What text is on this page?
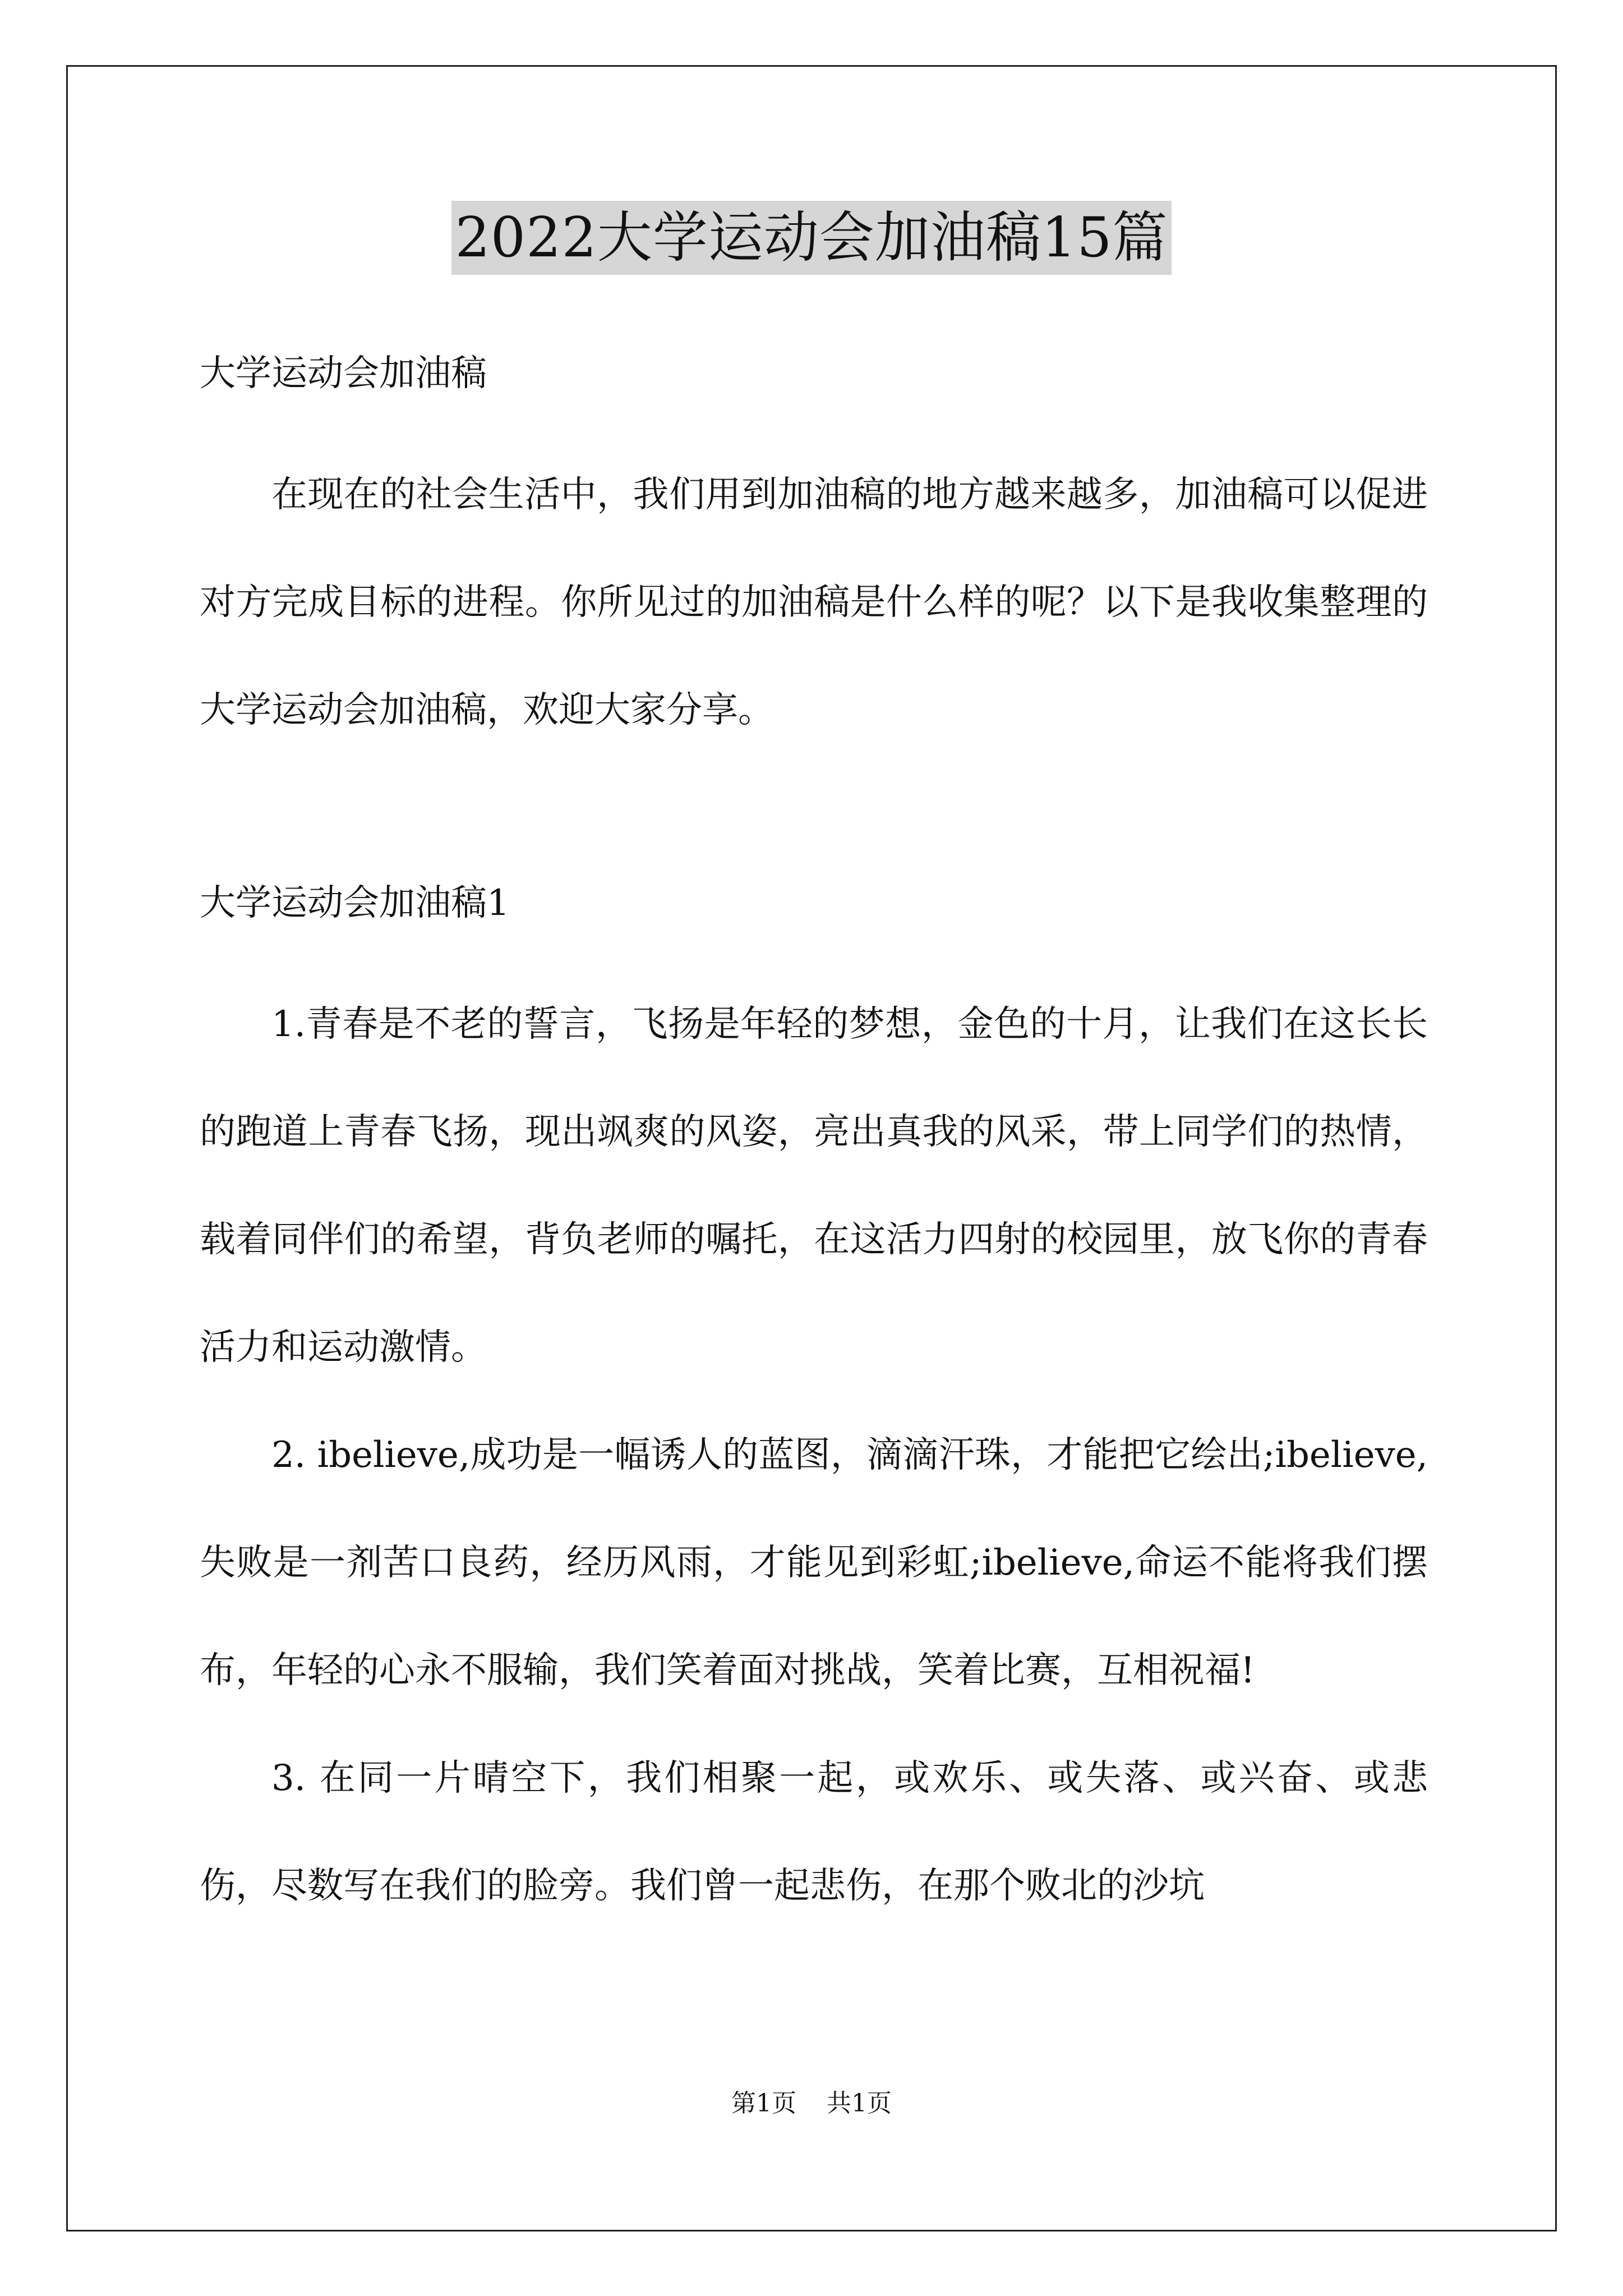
2022大学运动会加油稿15篇

大学运动会加油稿

在现在的社会生活中，我们用到加油稿的地方越来越多，加油稿可以促进对方完成目标的进程。你所见过的加油稿是什么样的呢？以下是我收集整理的大学运动会加油稿，欢迎大家分享。

大学运动会加油稿1

1.青春是不老的誓言，飞扬是年轻的梦想，金色的十月，让我们在这长长的跑道上青春飞扬，现出飒爽的风姿，亮出真我的风采，带上同学们的热情，载着同伴们的希望，背负老师的嘱托，在这活力四射的校园里，放飞你的青春活力和运动激情。

2. ibelieve,成功是一幅诱人的蓝图，滴滴汗珠，才能把它绘出;ibelieve,失败是一剂苦口良药，经历风雨，才能见到彩虹;ibelieve,命运不能将我们摆布，年轻的心永不服输，我们笑着面对挑战，笑着比赛，互相祝福!

3. 在同一片晴空下，我们相聚一起，或欢乐、或失落、或兴奋、或悲伤，尽数写在我们的脸旁。我们曾一起悲伤，在那个败北的沙坑

第1页 共1页
